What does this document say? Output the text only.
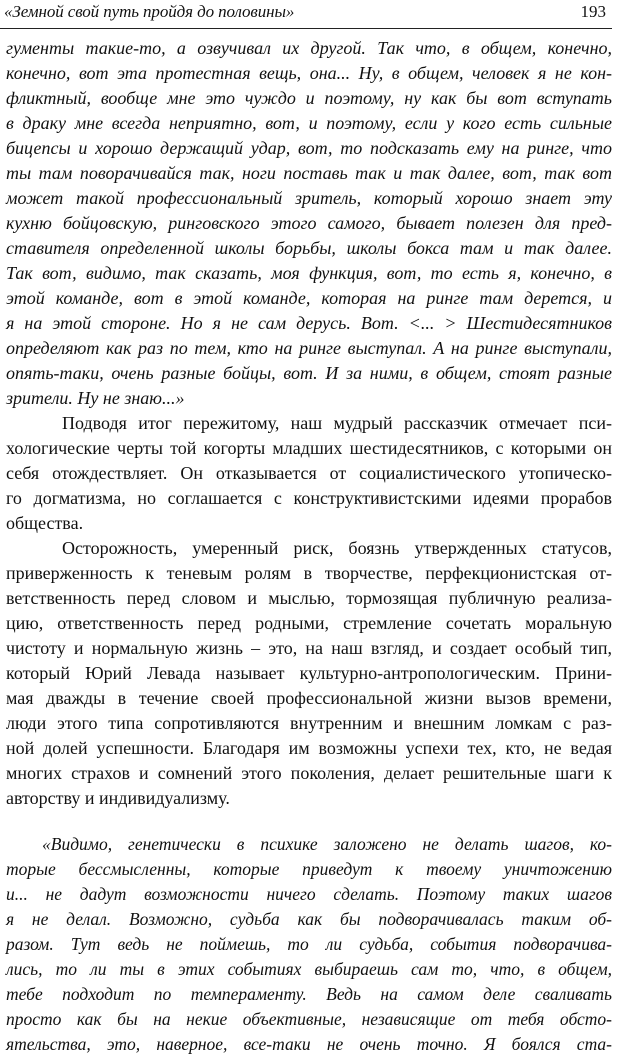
«Земной свой путь пройдя до половины»	193
гументы такие-то, а озвучивал их другой. Так что, в общем, конечно,
конечно, вот эта протестная вещь, она... Ну, в общем, человек я не кон-
фликтный, вообще мне это чуждо и поэтому, ну как бы вот вступать
в драку мне всегда неприятно, вот, и поэтому, если у кого есть сильные
бицепсы и хорошо держащий удар, вот, то подсказать ему на ринге, что
ты там поворачивайся так, ноги поставь так и так далее, вот, так вот
может такой профессиональный зритель, который хорошо знает эту
кухню бойцовскую, ринговского этого самого, бывает полезен для пред-
ставителя определенной школы борьбы, школы бокса там и так далее.
Так вот, видимо, так сказать, моя функция, вот, то есть я, конечно, в
этой команде, вот в этой команде, которая на ринге там дерется, и
я на этой стороне. Но я не сам дерусь. Вот. <... > Шестидесятников
определяют как раз по тем, кто на ринге выступал. А на ринге выступали,
опять-таки, очень разные бойцы, вот. И за ними, в общем, стоят разные
зрители. Ну не знаю...»
Подводя итог пережитому, наш мудрый рассказчик отмечает пси-
хологические черты той когорты младших шестидесятников, с которыми он
себя отождествляет. Он отказывается от социалистического утопическо-
го догматизма, но соглашается с конструктивистскими идеями прорабов
общества.
Осторожность, умеренный риск, боязнь утвержденных статусов,
приверженность к теневым ролям в творчестве, перфекционистская от-
ветственность перед словом и мыслью, тормозящая публичную реализа-
цию, ответственность перед родными, стремление сочетать моральную
чистоту и нормальную жизнь – это, на наш взгляд, и создает особый тип,
который Юрий Левада называет культурно-антропологическим. Прини-
мая дважды в течение своей профессиональной жизни вызов времени,
люди этого типа сопротивляются внутренним и внешним ломкам с раз-
ной долей успешности. Благодаря им возможны успехи тех, кто, не ведая
многих страхов и сомнений этого поколения, делает решительные шаги к
авторству и индивидуализму.
«Видимо, генетически в психике заложено не делать шагов, ко-
торые бессмысленны, которые приведут к твоему уничтожению
и... не дадут возможности ничего сделать. Поэтому таких шагов
я не делал. Возможно, судьба как бы подворачивалась таким об-
разом. Тут ведь не поймешь, то ли судьба, события подворачива-
лись, то ли ты в этих событиях выбираешь сам то, что, в общем,
тебе подходит по темпераменту. Ведь на самом деле сваливать
просто как бы на некие объективные, независящие от тебя обсто-
ятельства, это, наверное, все-таки не очень точно. Я боялся ста-
